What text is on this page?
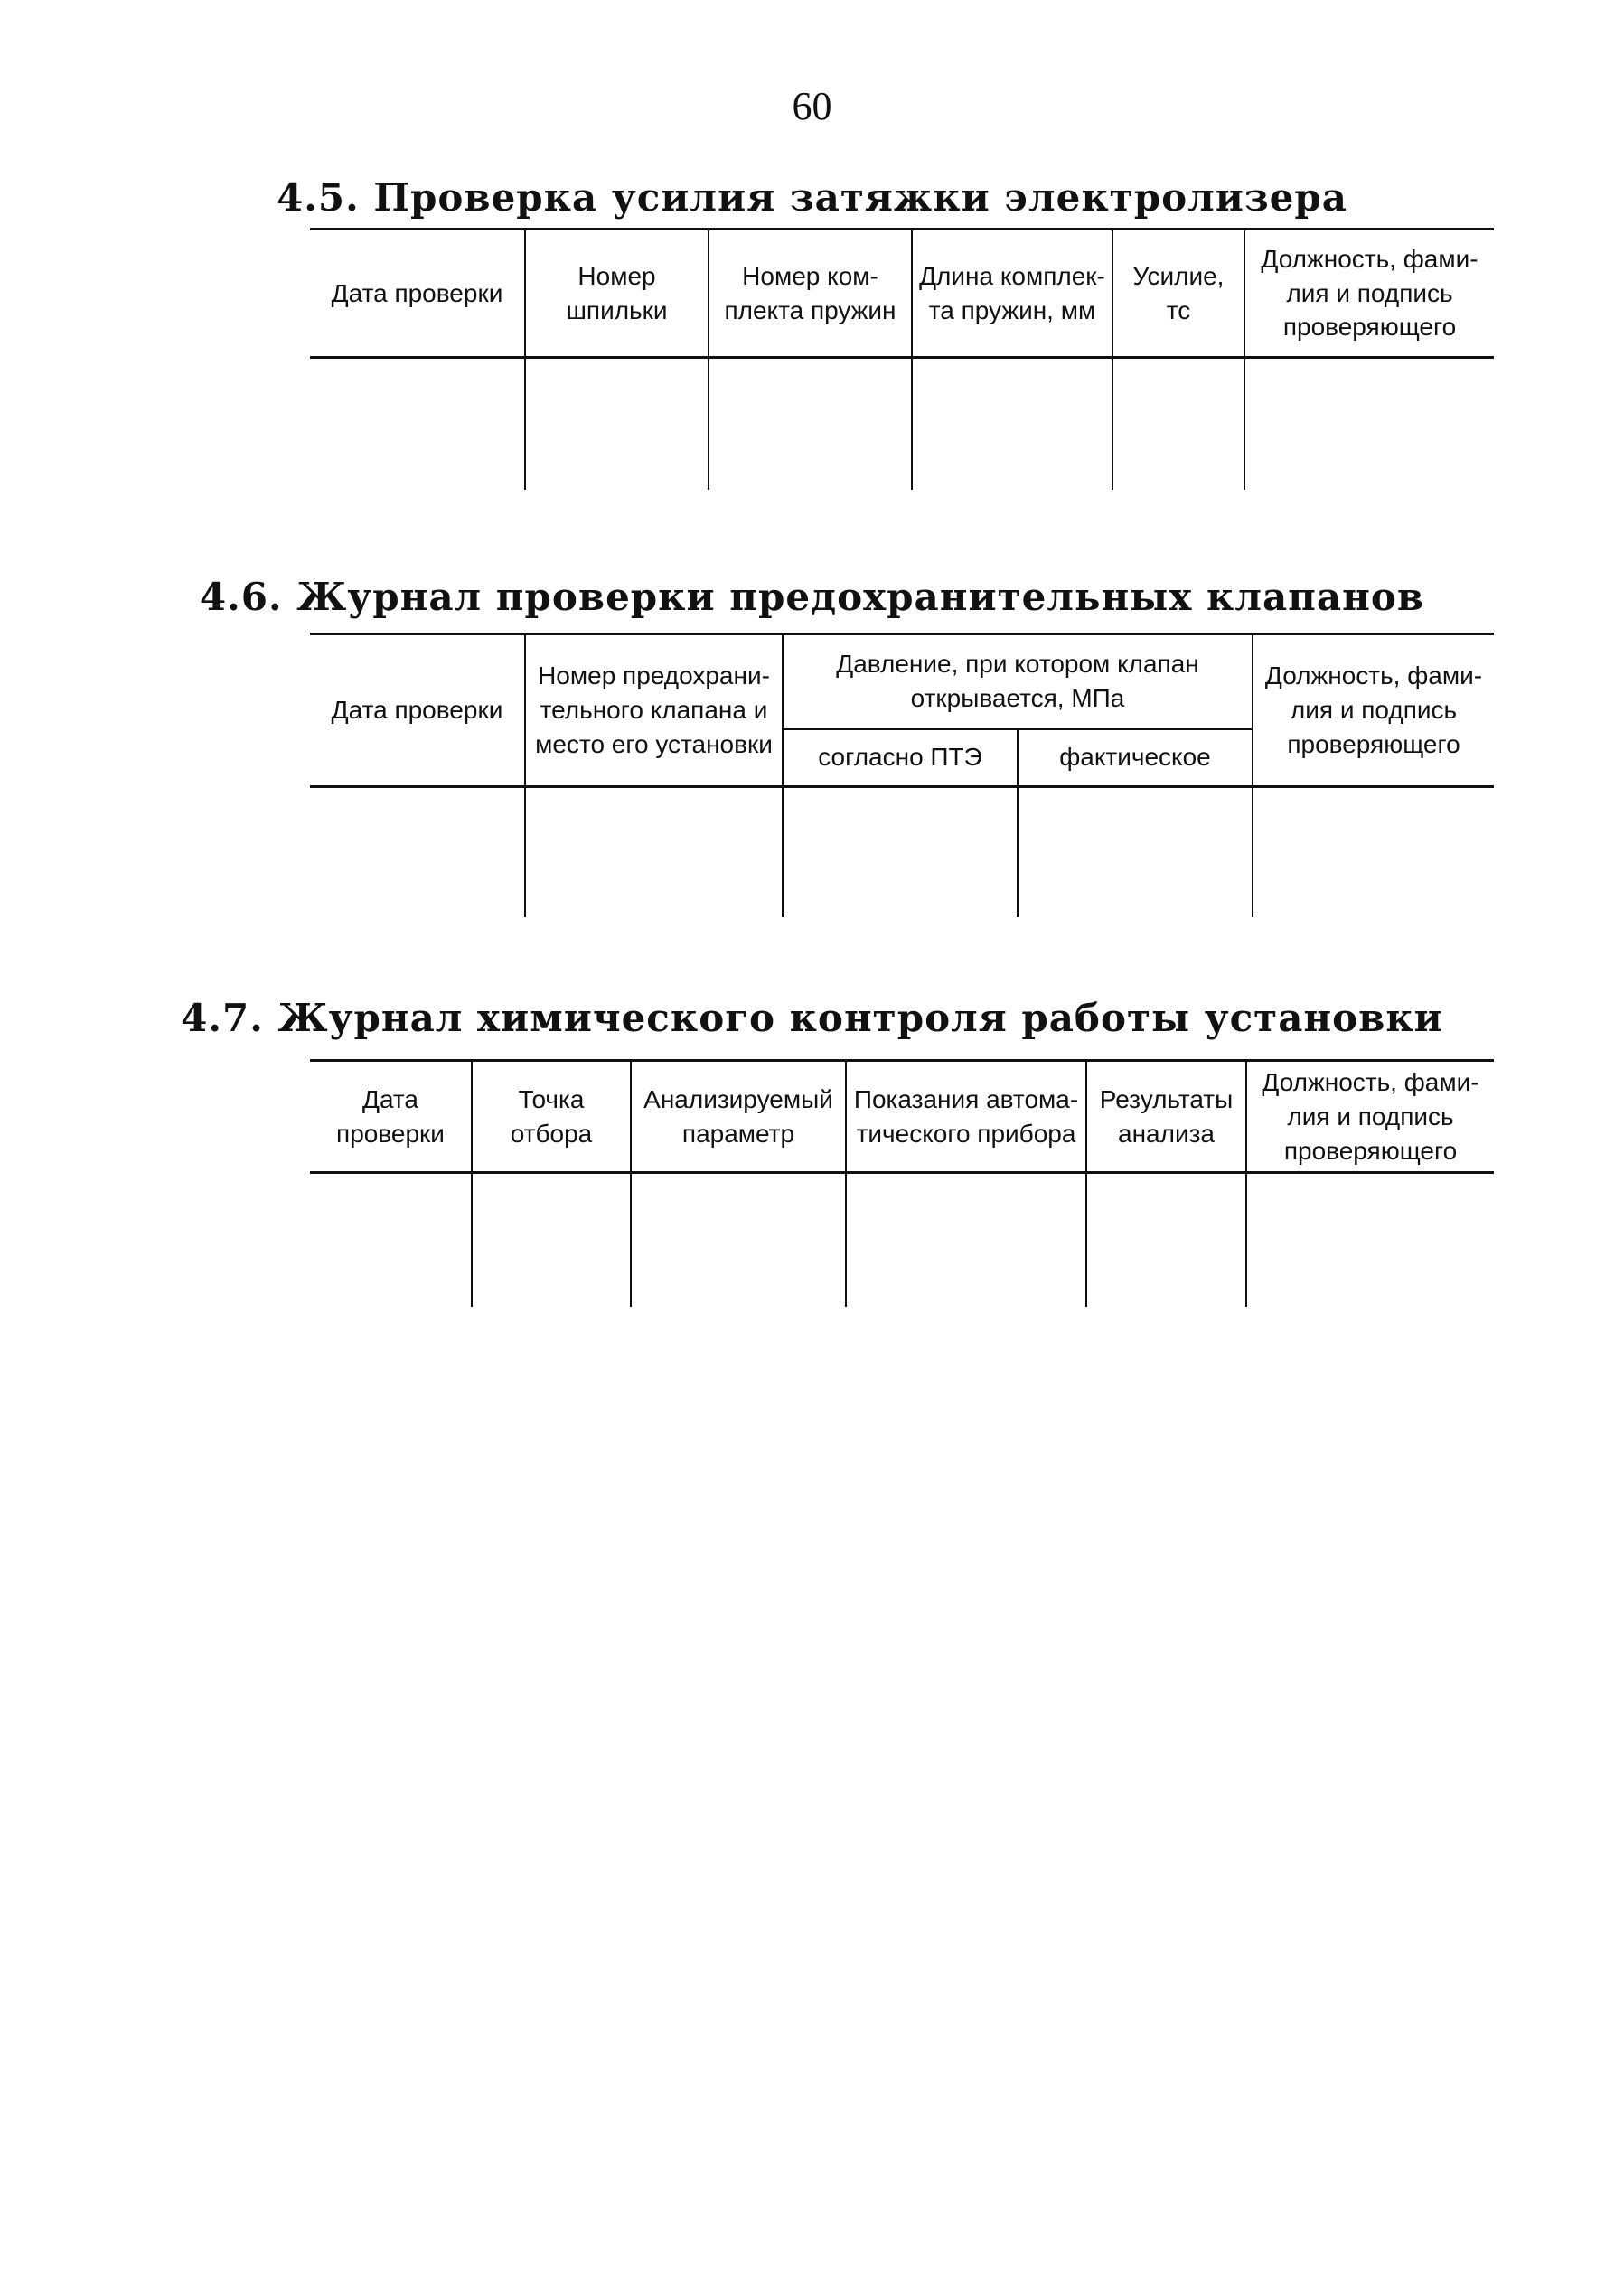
60
4.5. Проверка усилия затяжки электролизера
Дата проверки	Номер шпильки	Номер ком-плекта пружин	Длина комплек-та пружин, мм	Усилие, тс	Должность, фами-лия и подпись проверяющего

4.6. Журнал проверки предохранительных клапанов
Дата проверки	Номер предохрани-тельного клапана и место его установки	Давление, при котором клапан открывается, МПа		Должность, фами-лия и подпись проверяющего
		согласно ПТЭ	фактическое	

4.7. Журнал химического контроля работы установки
Дата проверки	Точка отбора	Анализируемый параметр	Показания автома-тического прибора	Результаты анализа	Должность, фами-лия и подпись проверяющего
